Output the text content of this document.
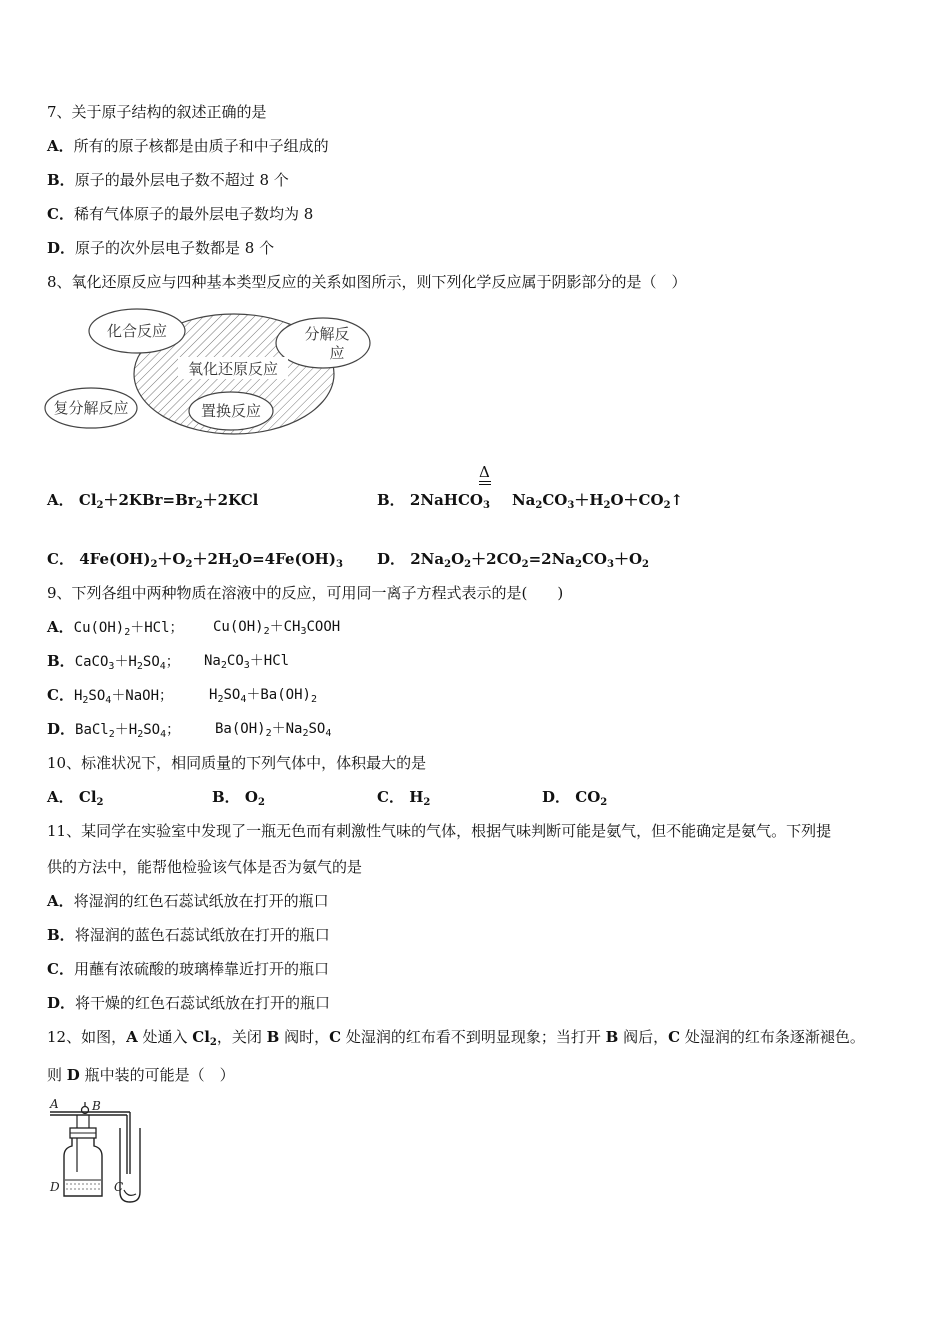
7、关于原子结构的叙述正确的是
A．所有的原子核都是由质子和中子组成的
B．原子的最外层电子数不超过 8 个
C．稀有气体原子的最外层电子数均为 8
D．原子的次外层电子数都是 8 个
8、氧化还原反应与四种基本类型反应的关系如图所示，则下列化学反应属于阴影部分的是（　）
化合反应	分解反
应
氧化还原反应
复分解反应	置换反应
A． $Cl_2+2KBr=Br_2+2KCl$
Δ
B． 2NaHCO$_3$ $Na_2CO_3+H_2O+CO_2↑$
C． $4Fe(OH)_2+O_2+2H_2O=4Fe(OH)_3$ D． $2Na_2O_2+2CO_2=2Na_2CO_3+O_2$
9、下列各组中两种物质在溶液中的反应，可用同一离子方程式表示的是(　　)
A．$Cu(OH)_2+HCl$； $Cu(OH)_2+CH_3COOH$
B．$CaCO_3+H_2SO_4$； $Na_2CO_3+HCl$
C．$H_2SO_4+NaOH$；	$H_2SO_4+Ba(OH)_2$
D．$BaCl_2+H_2SO_4$； $Ba(OH)_2+Na_2SO_4$
10、标准状况下，相同质量的下列气体中，体积最大的是
A． $Cl_2$	B． $O_2$	C． $H_2$	D． $CO_2$
11、某同学在实验室中发现了一瓶无色而有刺激性气味的气体，根据气味判断可能是氨气，但不能确定是氨气。下列提
供的方法中，能帮他检验该气体是否为氨气的是
A．将湿润的红色石蕊试纸放在打开的瓶口
B．将湿润的蓝色石蕊试纸放在打开的瓶口
C．用蘸有浓硫酸的玻璃棒靠近打开的瓶口
D．将干燥的红色石蕊试纸放在打开的瓶口
12、如图，A 处通入 $Cl_2$，关闭 B 阀时，C 处湿润的红布看不到明显现象；当打开 B 阀后，C 处湿润的红布条逐渐褪色。
则 D 瓶中装的可能是（　）
A	B
D	C
